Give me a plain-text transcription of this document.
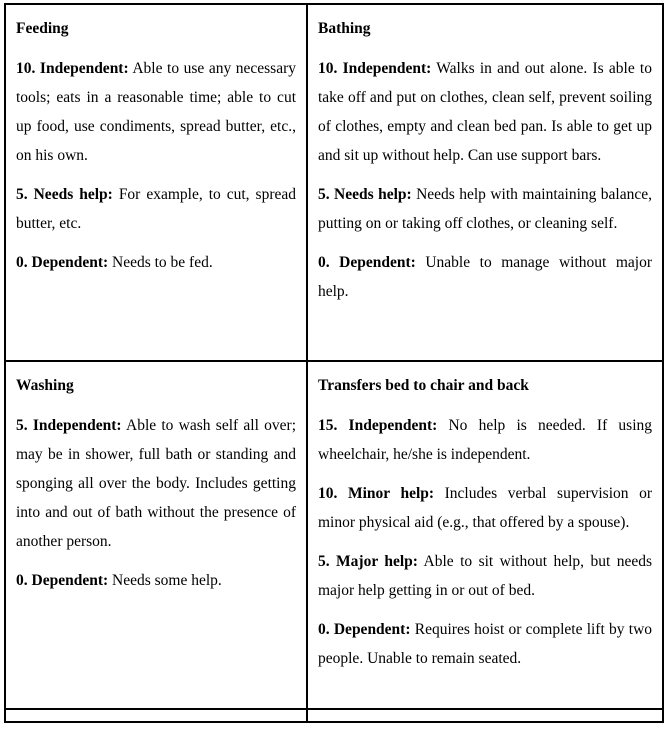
Feeding

10. Independent: Able to use any necessary tools; eats in a reasonable time; able to cut up food, use condiments, spread butter, etc., on his own.

5. Needs help: For example, to cut, spread butter, etc.

0. Dependent: Needs to be fed.

Bathing

10. Independent: Walks in and out alone. Is able to take off and put on clothes, clean self, prevent soiling of clothes, empty and clean bed pan. Is able to get up and sit up without help. Can use support bars.

5. Needs help: Needs help with maintaining balance, putting on or taking off clothes, or cleaning self.

0. Dependent: Unable to manage without major help.

Washing

5. Independent: Able to wash self all over; may be in shower, full bath or standing and sponging all over the body. Includes getting into and out of bath without the presence of another person.

0. Dependent: Needs some help.

Transfers bed to chair and back

15. Independent: No help is needed. If using wheelchair, he/she is independent.

10. Minor help: Includes verbal supervision or minor physical aid (e.g., that offered by a spouse).

5. Major help: Able to sit without help, but needs major help getting in or out of bed.

0. Dependent: Requires hoist or complete lift by two people. Unable to remain seated.
